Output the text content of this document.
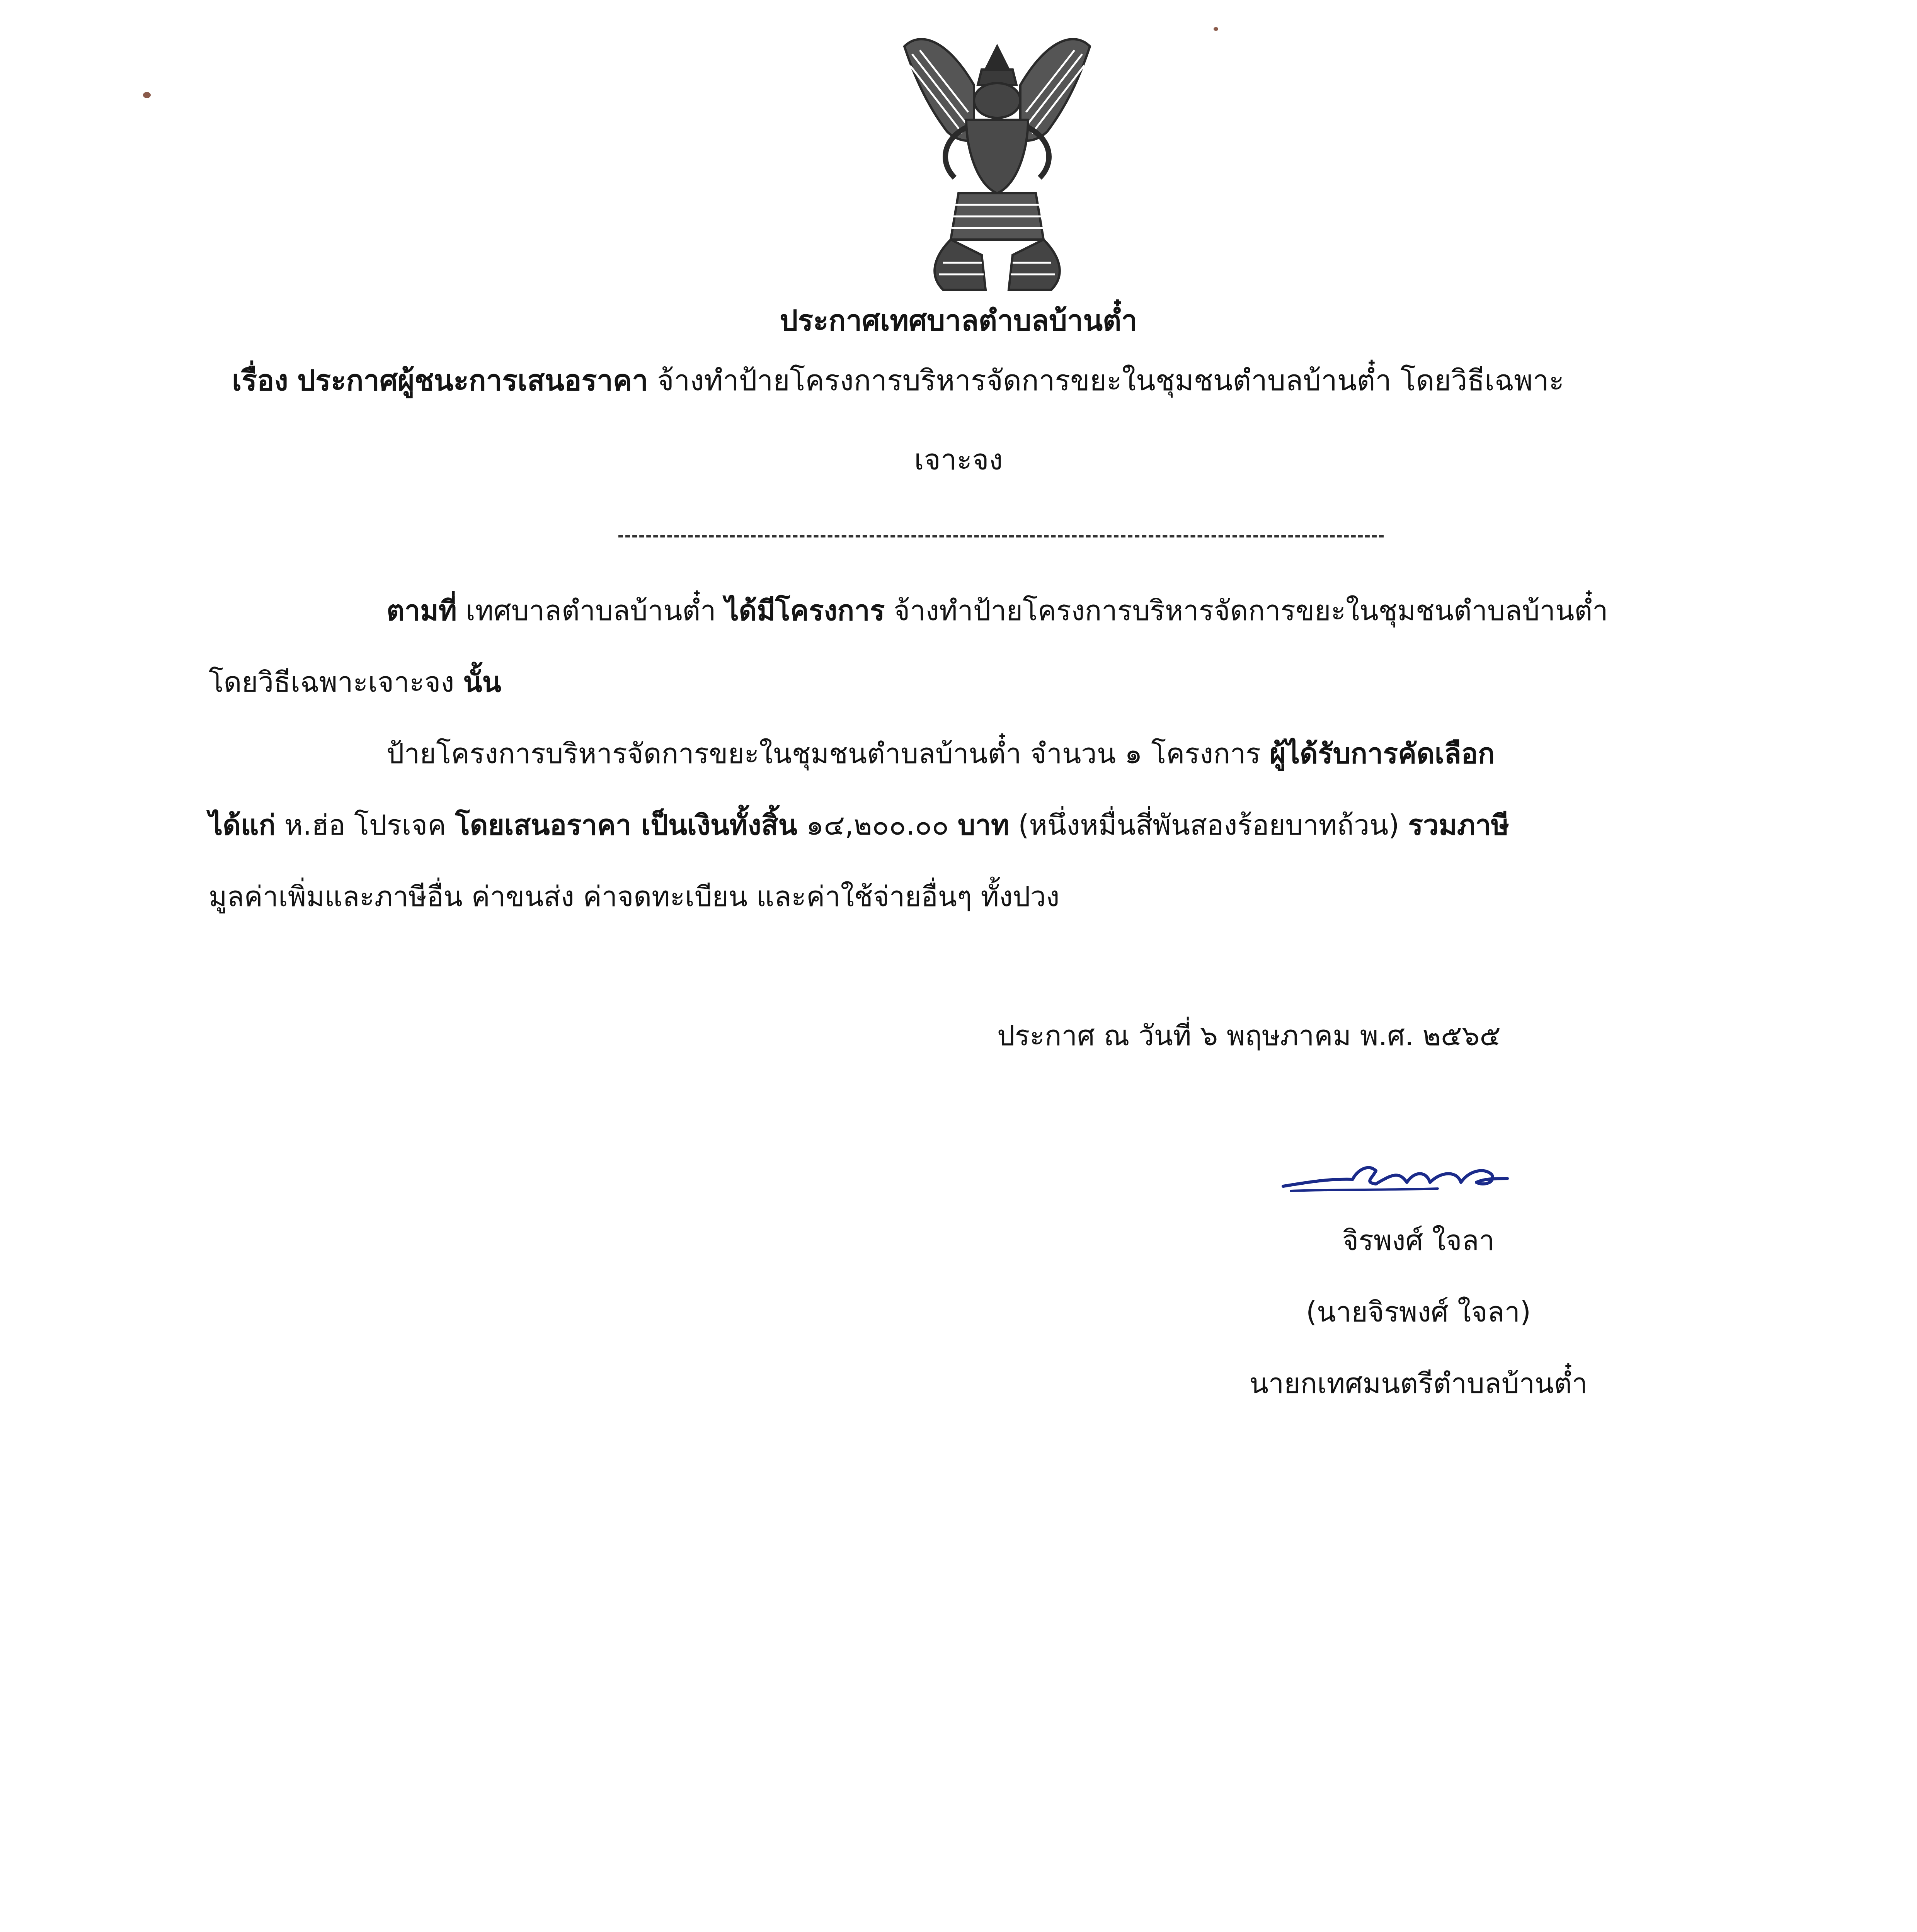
ประกาศเทศบาลตำบลบ้านต๋ำ
เรื่อง ประกาศผู้ชนะการเสนอราคา จ้างทำป้ายโครงการบริหารจัดการขยะในชุมชนตำบลบ้านต๋ำ โดยวิธีเฉพาะ
เจาะจง
ตามที่ เทศบาลตำบลบ้านต๋ำ ได้มีโครงการ จ้างทำป้ายโครงการบริหารจัดการขยะในชุมชนตำบลบ้านต๋ำ
โดยวิธีเฉพาะเจาะจง นั้น
ป้ายโครงการบริหารจัดการขยะในชุมชนตำบลบ้านต๋ำ จำนวน ๑ โครงการ ผู้ได้รับการคัดเลือก
ได้แก่ ห.ฮ่อ โปรเจค โดยเสนอราคา เป็นเงินทั้งสิ้น ๑๔,๒๐๐.๐๐ บาท (หนึ่งหมื่นสี่พันสองร้อยบาทถ้วน) รวมภาษี
มูลค่าเพิ่มและภาษีอื่น ค่าขนส่ง ค่าจดทะเบียน และค่าใช้จ่ายอื่นๆ ทั้งปวง
ประกาศ ณ วันที่ ๖ พฤษภาคม พ.ศ. ๒๕๖๕
จิรพงศ์ ใจลา
(นายจิรพงศ์ ใจลา)
นายกเทศมนตรีตำบลบ้านต๋ำ
